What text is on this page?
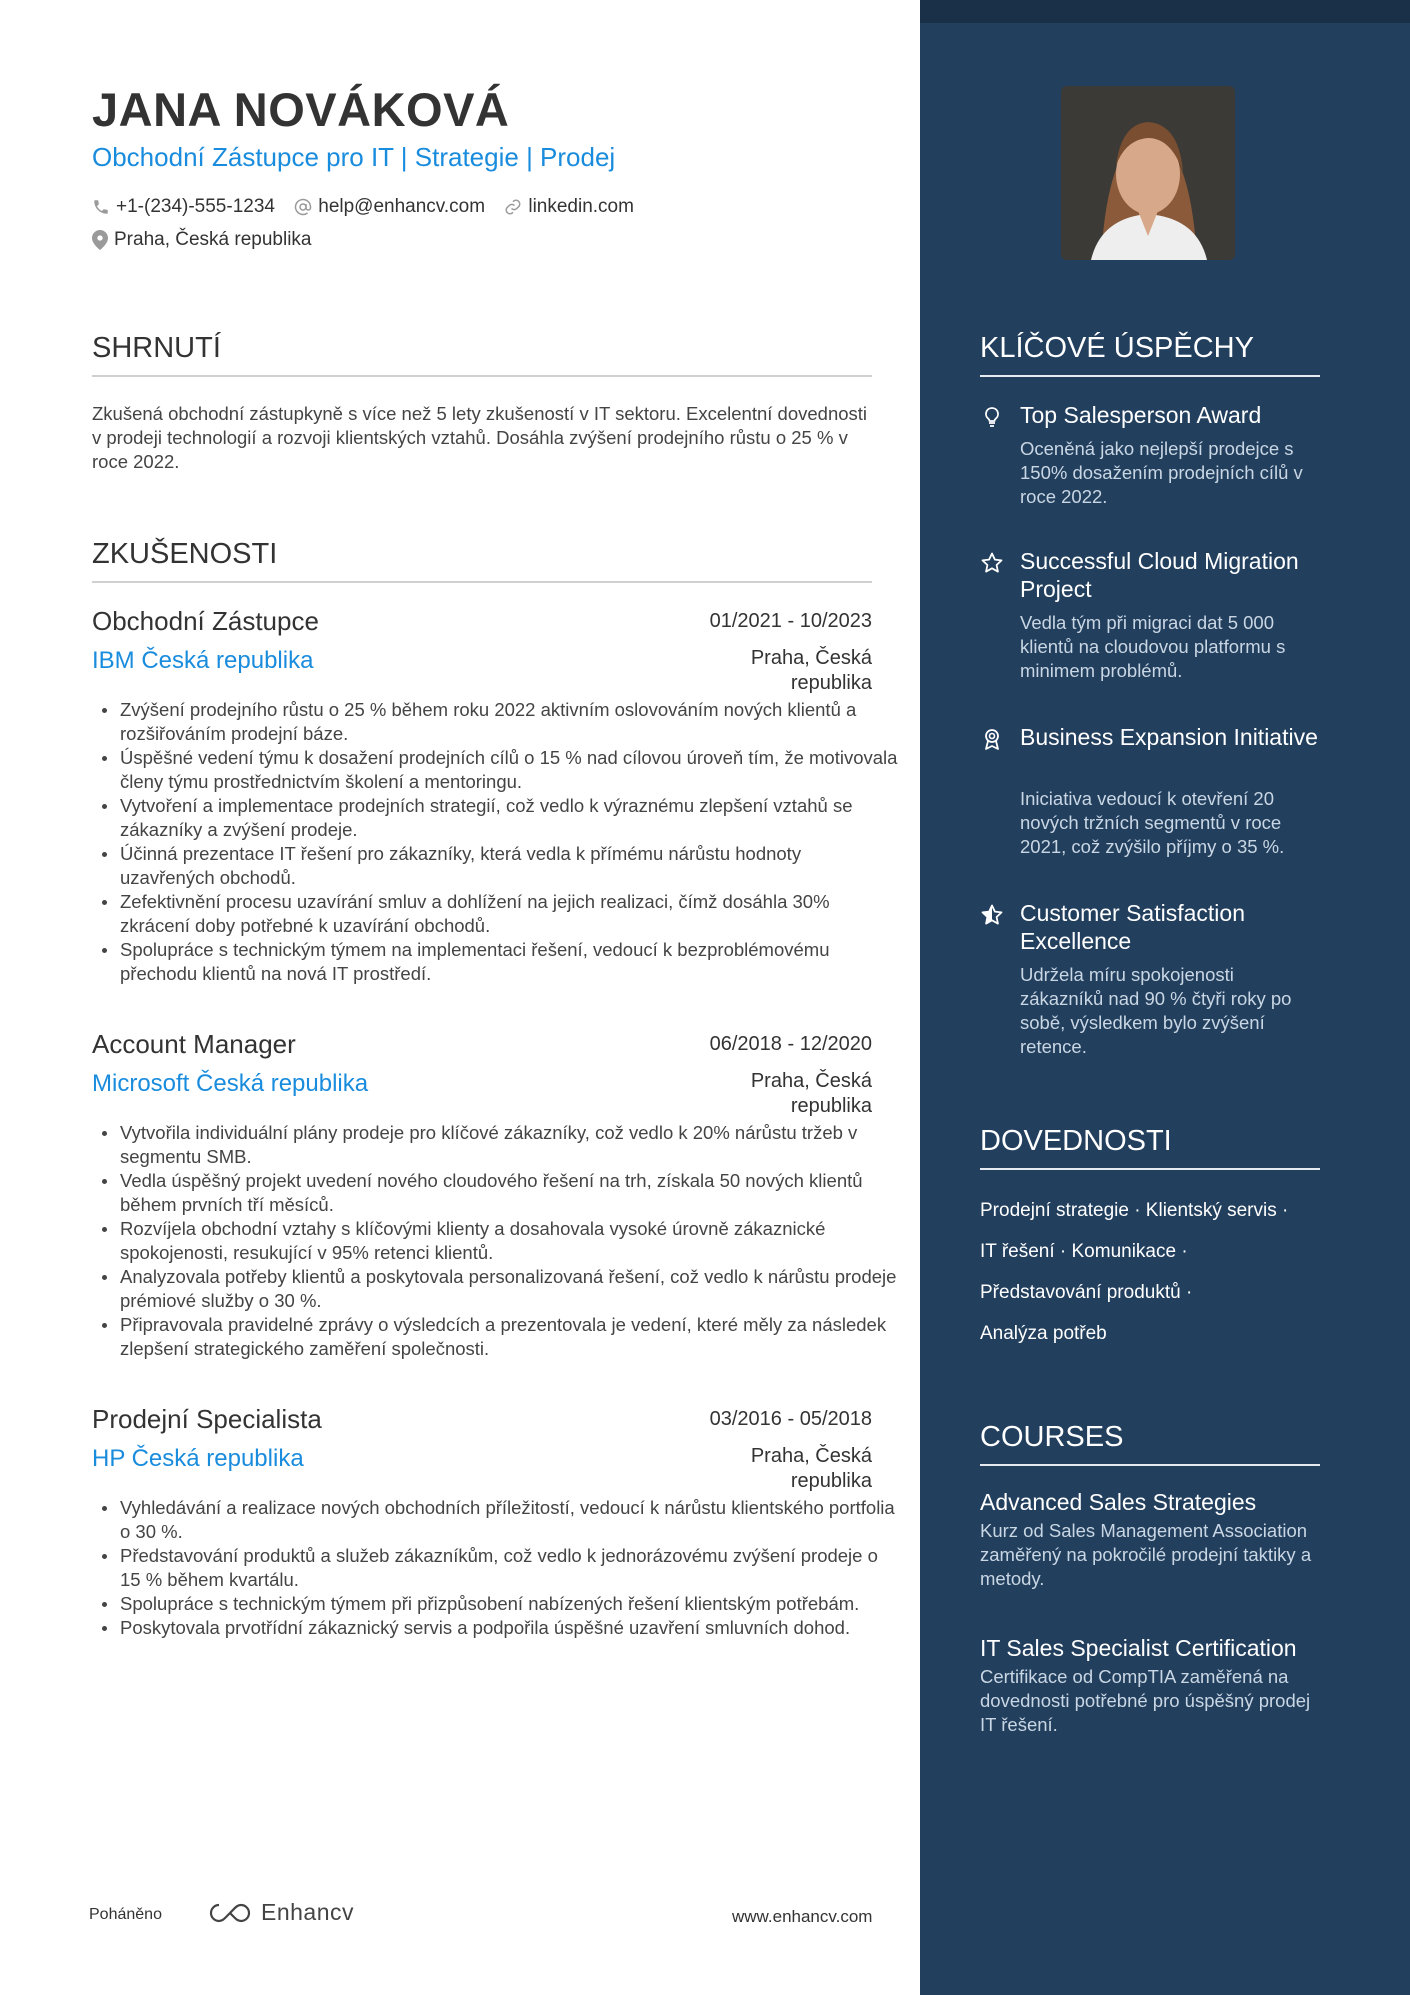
JANA NOVÁKOVÁ
Obchodní Zástupce pro IT | Strategie | Prodej
+1-(234)-555-1234
help@enhancv.com
linkedin.com
Praha, Česká republika
SHRNUTÍ
Zkušená obchodní zástupkyně s více než 5 lety zkušeností v IT sektoru. Excelentní dovednosti v prodeji technologií a rozvoji klientských vztahů. Dosáhla zvýšení prodejního růstu o 25 % v roce 2022.
ZKUŠENOSTI
Obchodní Zástupce	01/2021 - 10/2023
IBM Česká republika	Praha, Česká republika
Zvýšení prodejního růstu o 25 % během roku 2022 aktivním oslovováním nových klientů a rozšiřováním prodejní báze.
Úspěšné vedení týmu k dosažení prodejních cílů o 15 % nad cílovou úroveň tím, že motivovala členy týmu prostřednictvím školení a mentoringu.
Vytvoření a implementace prodejních strategií, což vedlo k výraznému zlepšení vztahů se zákazníky a zvýšení prodeje.
Účinná prezentace IT řešení pro zákazníky, která vedla k přímému nárůstu hodnoty uzavřených obchodů.
Zefektivnění procesu uzavírání smluv a dohlížení na jejich realizaci, čímž dosáhla 30% zkrácení doby potřebné k uzavírání obchodů.
Spolupráce s technickým týmem na implementaci řešení, vedoucí k bezproblémovému přechodu klientů na nová IT prostředí.
Account Manager	06/2018 - 12/2020
Microsoft Česká republika	Praha, Česká republika
Vytvořila individuální plány prodeje pro klíčové zákazníky, což vedlo k 20% nárůstu tržeb v segmentu SMB.
Vedla úspěšný projekt uvedení nového cloudového řešení na trh, získala 50 nových klientů během prvních tří měsíců.
Rozvíjela obchodní vztahy s klíčovými klienty a dosahovala vysoké úrovně zákaznické spokojenosti, resukující v 95% retenci klientů.
Analyzovala potřeby klientů a poskytovala personalizovaná řešení, což vedlo k nárůstu prodeje prémiové služby o 30 %.
Připravovala pravidelné zprávy o výsledcích a prezentovala je vedení, které měly za následek zlepšení strategického zaměření společnosti.
Prodejní Specialista	03/2016 - 05/2018
HP Česká republika	Praha, Česká republika
Vyhledávání a realizace nových obchodních příležitostí, vedoucí k nárůstu klientského portfolia o 30 %.
Představování produktů a služeb zákazníkům, což vedlo k jednorázovému zvýšení prodeje o 15 % během kvartálu.
Spolupráce s technickým týmem při přizpůsobení nabízených řešení klientským potřebám.
Poskytovala prvotřídní zákaznický servis a podpořila úspěšné uzavření smluvních dohod.
KLÍČOVÉ ÚSPĚCHY
Top Salesperson Award
Oceněná jako nejlepší prodejce s 150% dosažením prodejních cílů v roce 2022.
Successful Cloud Migration Project
Vedla tým při migraci dat 5 000 klientů na cloudovou platformu s minimem problémů.
Business Expansion Initiative
Iniciativa vedoucí k otevření 20 nových tržních segmentů v roce 2021, což zvýšilo příjmy o 35 %.
Customer Satisfaction Excellence
Udržela míru spokojenosti zákazníků nad 90 % čtyři roky po sobě, výsledkem bylo zvýšení retence.
DOVEDNOSTI
Prodejní strategie · Klientský servis ·
IT řešení · Komunikace ·
Představování produktů ·
Analýza potřeb
COURSES
Advanced Sales Strategies
Kurz od Sales Management Association zaměřený na pokročilé prodejní taktiky a metody.
IT Sales Specialist Certification
Certifikace od CompTIA zaměřená na dovednosti potřebné pro úspěšný prodej IT řešení.
Poháněno	Enhancv	www.enhancv.com
